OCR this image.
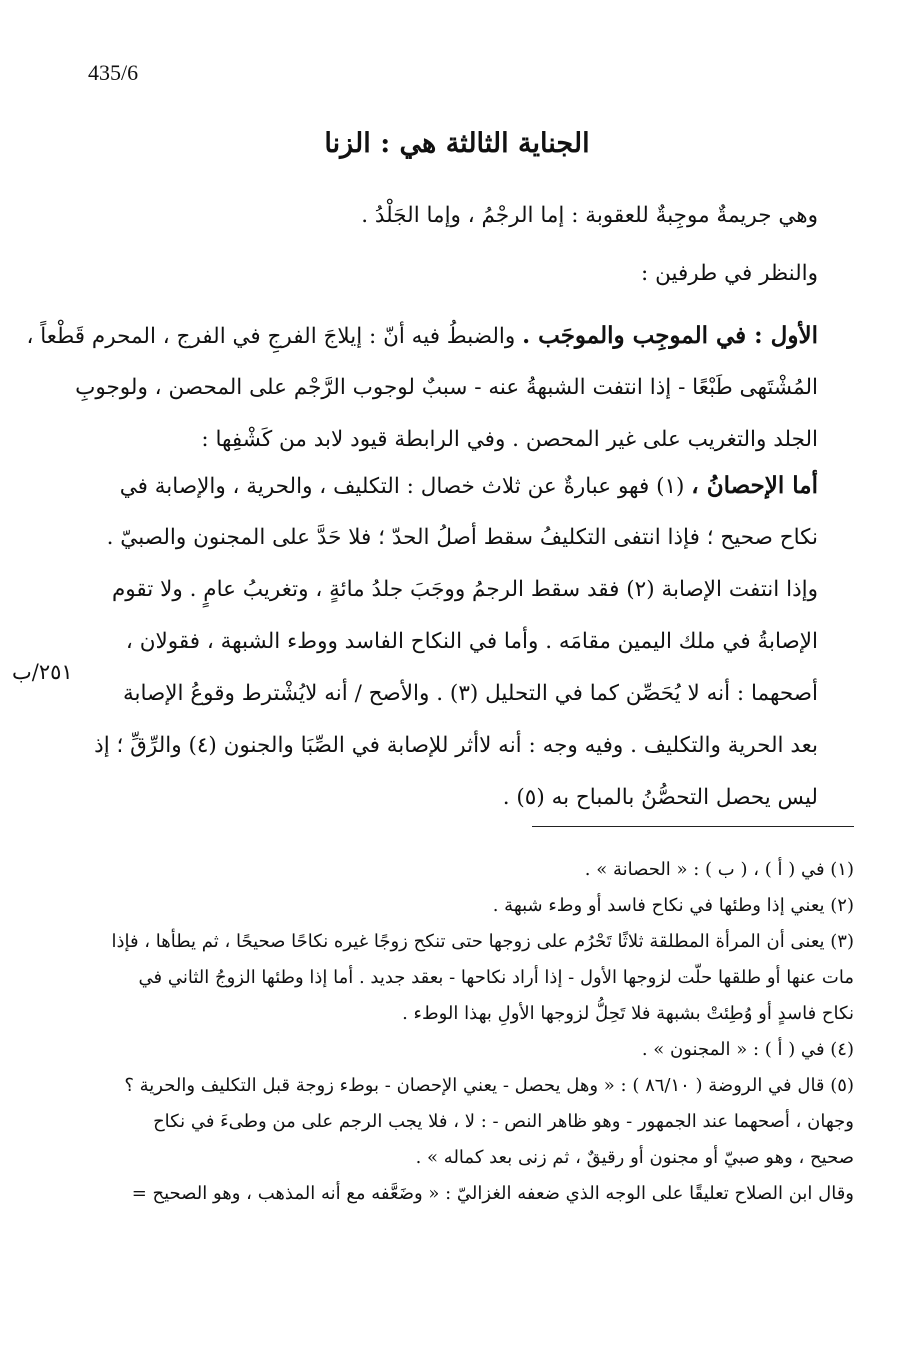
435/6
الجناية الثالثة هي : الزنا
وهي جريمةٌ موجِبةٌ للعقوبة : إما الرجْمُ ، وإما الجَلْدُ .
والنظر في طرفين :
الأول : في الموجِب والموجَب . والضبطُ فيه أنّ : إيلاجَ الفرجِ في الفرج ، المحرم قَطْعاً ،
المُشْتَهى طَبْعًا - إذا انتفت الشبهةُ عنه - سببٌ لوجوب الرَّجْم على المحصن ، ولوجوبِ
الجلد والتغريب على غير المحصن . وفي الرابطة قيود لابد من كَشْفِها :
أما الإحصانُ ، (١) فهو عبارةٌ عن ثلاث خصال : التكليف ، والحرية ، والإصابة في
نكاح صحيح ؛ فإذا انتفى التكليفُ سقط أصلُ الحدّ ؛ فلا حَدَّ على المجنون والصبيّ .
وإذا انتفت الإصابة (٢) فقد سقط الرجمُ ووجَبَ جلدُ مائةٍ ، وتغريبُ عامٍ . ولا تقوم
الإصابةُ في ملك اليمين مقامَه . وأما في النكاح الفاسد ووطء الشبهة ، فقولان ،
أصحهما : أنه لا يُحَصِّن كما في التحليل (٣) . والأصح / أنه لايُشْترط وقوعُ الإصابة
بعد الحرية والتكليف . وفيه وجه : أنه لاأثر للإصابة في الصِّبَا والجنون (٤) والرِّقِّ ؛ إذ
ليس يحصل التحصُّنُ بالمباح به (٥) .
٢٥١/ب
(١) في ( أ ) ، ( ب ) : « الحصانة » .
(٢) يعني إذا وطئها في نكاح فاسد أو وطء شبهة .
(٣) يعنى أن المرأة المطلقة ثلاثًا تَحْرُم على زوجها حتى تنكح زوجًا غيره نكاحًا صحيحًا ، ثم يطأها ، فإذا
مات عنها أو طلقها حلّت لزوجها الأول - إذا أراد نكاحها - بعقد جديد . أما إذا وطئها الزوجُ الثاني في
نكاح فاسدٍ أو وُطِئتْ بشبهة فلا تَحِلُّ لزوجها الأولِ بهذا الوطء .
(٤) في ( أ ) : « المجنون » .
(٥) قال في الروضة ( ٨٦/١٠ ) : « وهل يحصل - يعني الإحصان - بوطء زوجة قبل التكليف والحرية ؟
وجهان ، أصحهما عند الجمهور - وهو ظاهر النص - : لا ، فلا يجب الرجم على من وطىءَ في نكاح
صحيح ، وهو صبيّ أو مجنون أو رقيقٌ ، ثم زنى بعد كماله » .
وقال ابن الصلاح تعليقًا على الوجه الذي ضعفه الغزاليّ : « وضَعَّفه مع أنه المذهب ، وهو الصحيح =
